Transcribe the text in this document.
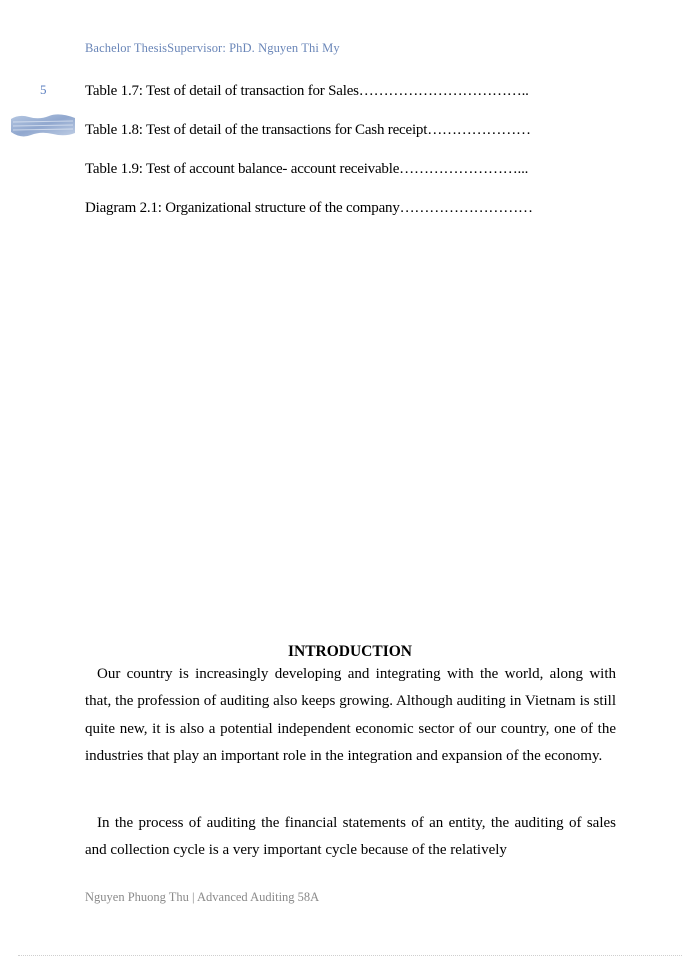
Bachelor ThesisSupervisor: PhD. Nguyen Thi My
5	Table 1.7: Test of detail of transaction for Sales……………………………..
Table 1.8: Test of detail of the transactions for Cash receipt…………………
Table 1.9: Test of account balance- account receivable……………………...
Diagram 2.1: Organizational structure of the company………………………
INTRODUCTION

Our country is increasingly developing and integrating with the world, along with that, the profession of auditing also keeps growing. Although auditing in Vietnam is still quite new, it is also a potential independent economic sector of our country, one of the industries that play an important role in the integration and expansion of the economy.

In the process of auditing the financial statements of an entity, the auditing of sales and collection cycle is a very important cycle because of the relatively

Nguyen Phuong Thu | Advanced Auditing 58A
